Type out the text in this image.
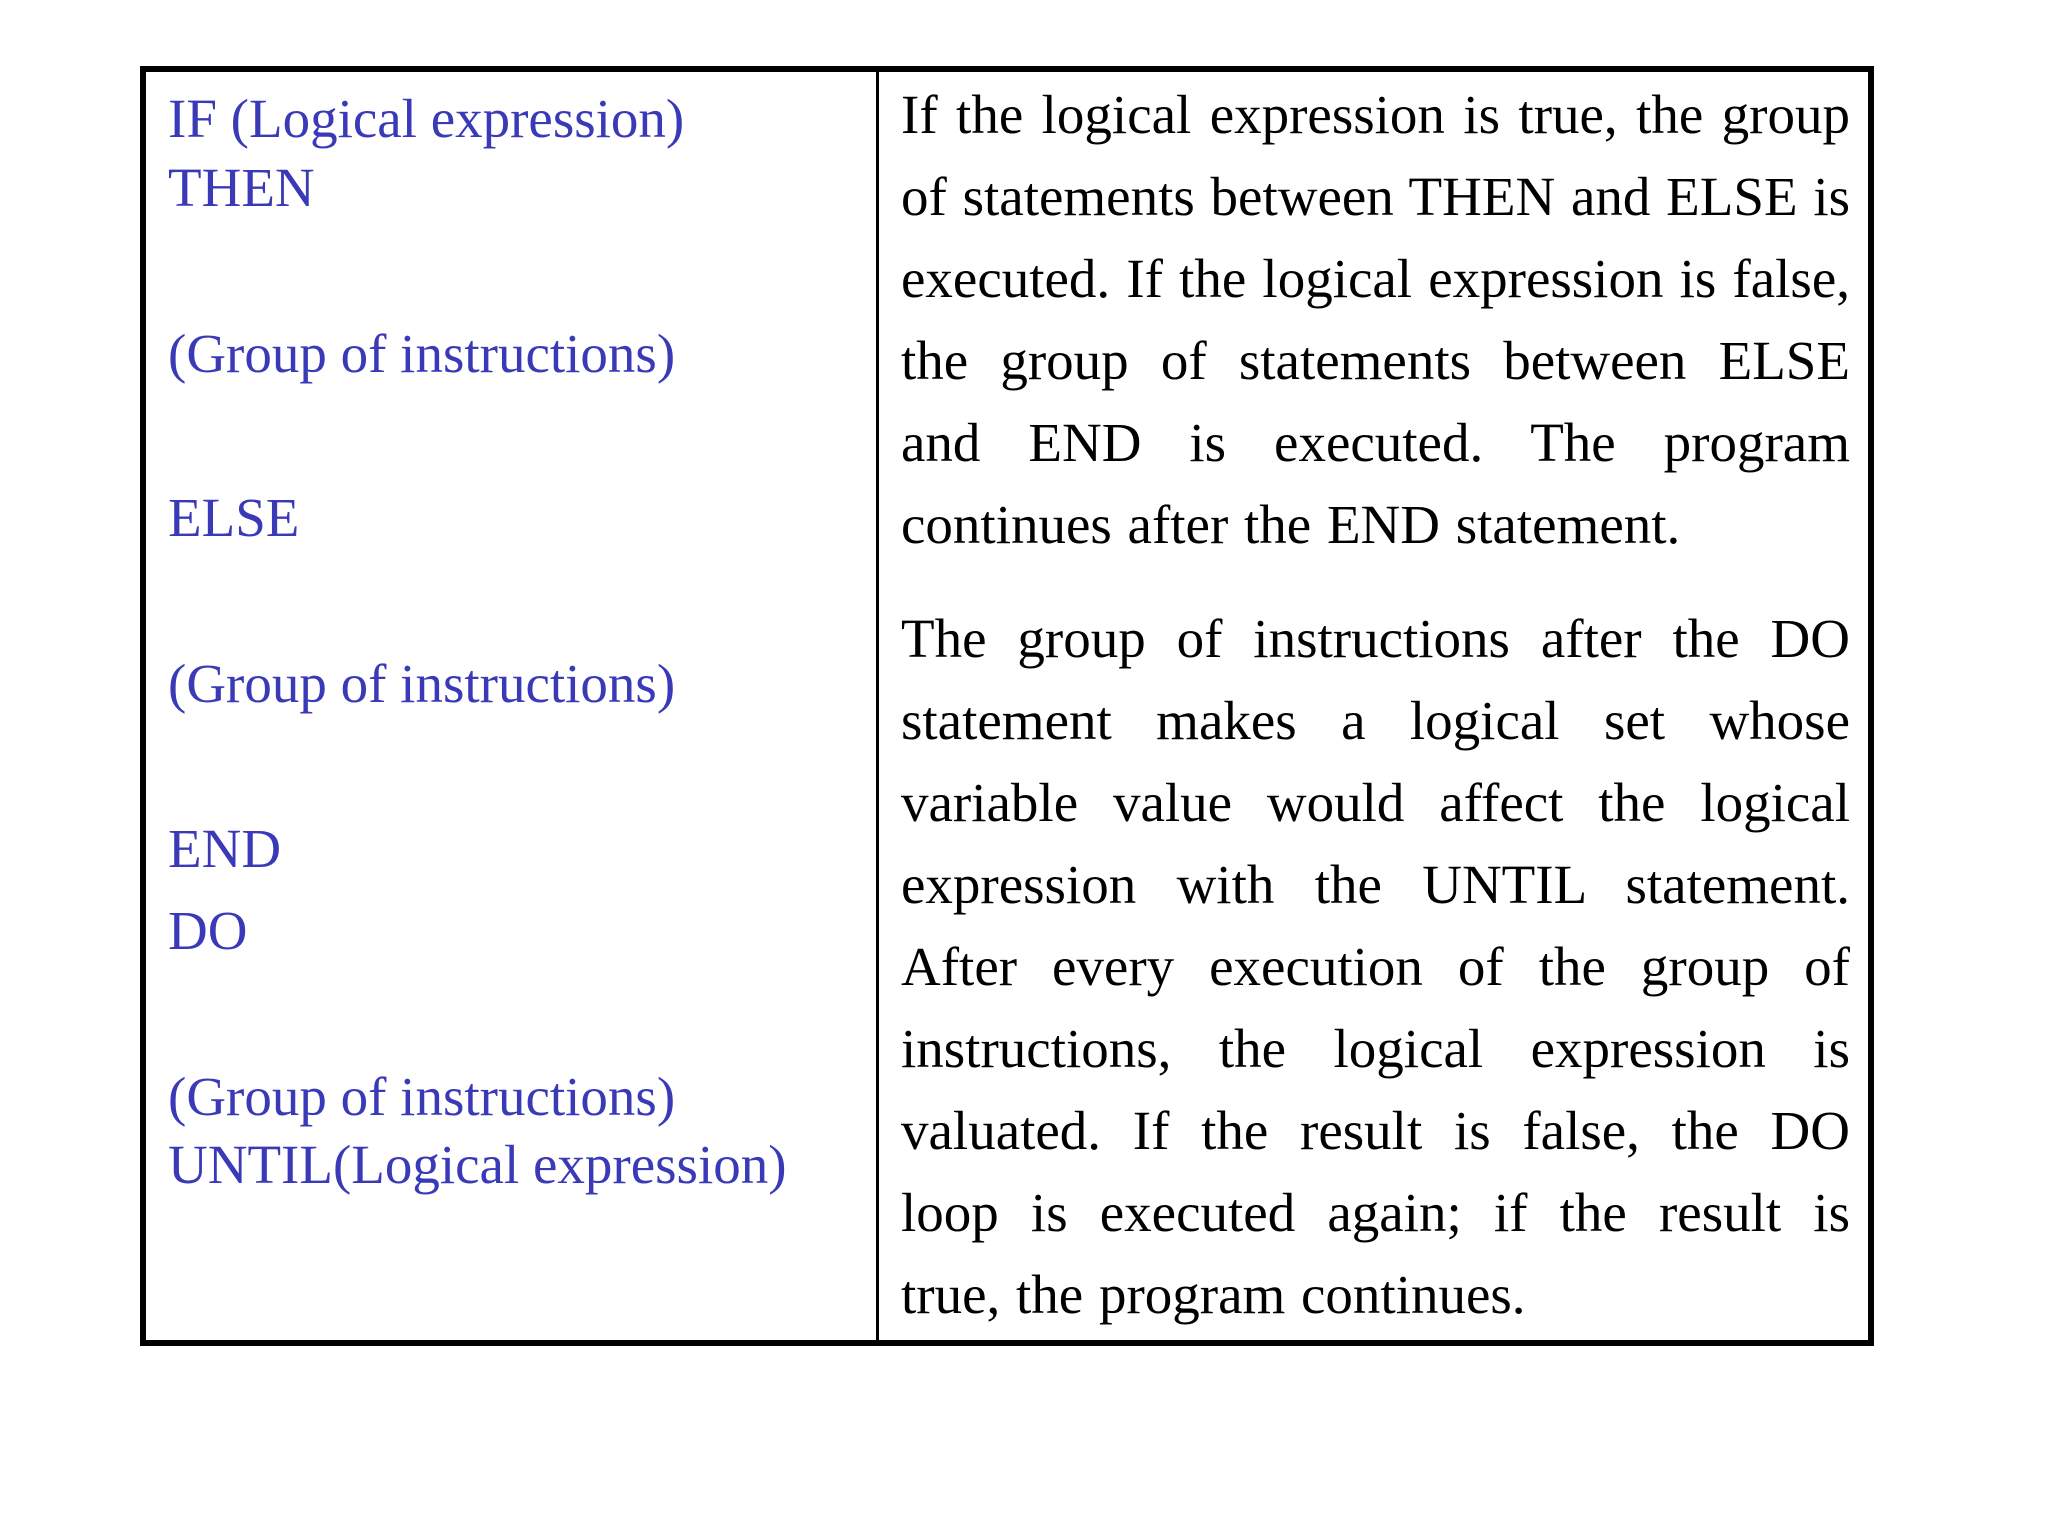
IF (Logical expression)
THEN
(Group of instructions)
ELSE
(Group of instructions)
END
DO
(Group of instructions)
UNTIL(Logical expression)

If the logical expression is true, the group of statements between THEN and ELSE is executed. If the logical expression is false, the group of statements between ELSE and END is executed. The program continues after the END statement.

The group of instructions after the DO statement makes a logical set whose variable value would affect the logical expression with the UNTIL statement. After every execution of the group of instructions, the logical expression is valuated. If the result is false, the DO loop is executed again; if the result is true, the program continues.
